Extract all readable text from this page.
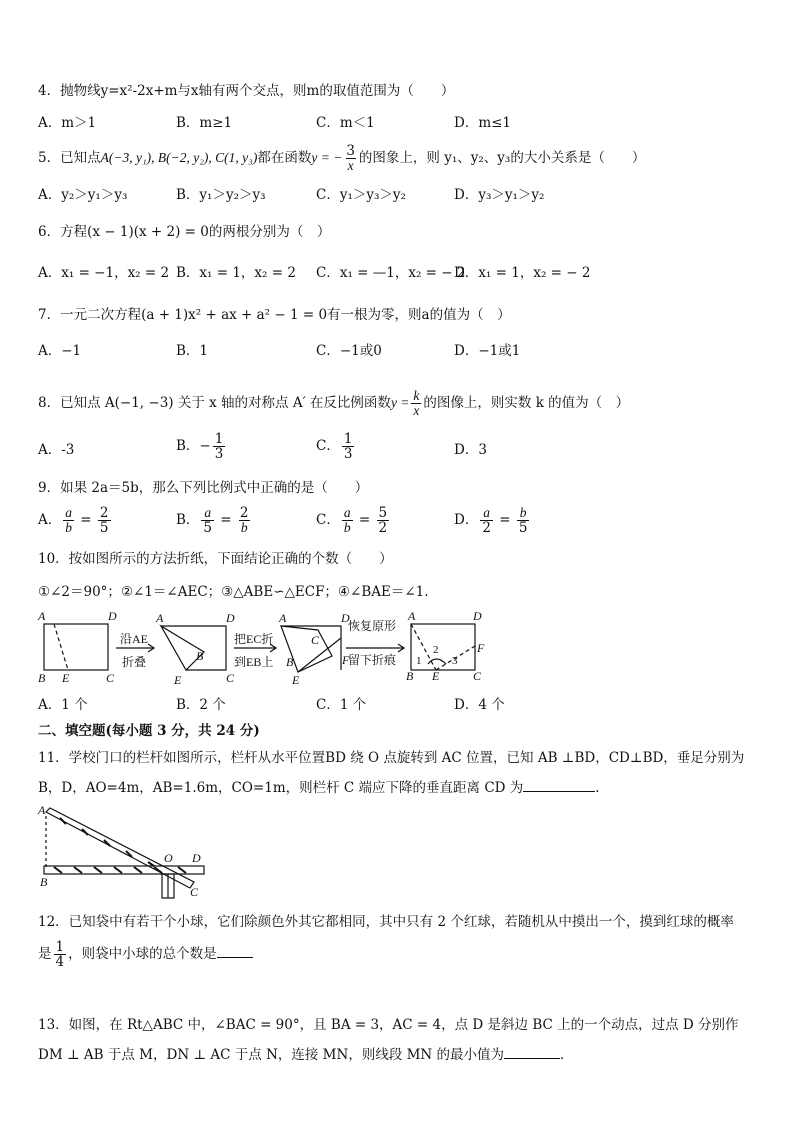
4．抛物线y=x²-2x+m与x轴有两个交点，则m的取值范围为（　　）
A．m＞1	B．m≥1	C．m＜1	D．m≤1
5．已知点A(−3, y₁), B(−2, y₂), C(1, y₃)都在函数y = − $\frac{3}{x}$ 的图象上，则 y₁、y₂、y₃的大小关系是（　　）
A．y₂＞y₁＞y₃	B．y₁＞y₂＞y₃	C．y₁＞y₃＞y₂	D．y₃＞y₁＞y₂
6．方程(x − 1)(x + 2) = 0的两根分别为（　）
A．x₁ = −1，x₂ = 2 B．x₁ = 1，x₂ = 2 C．x₁ = —1，x₂ = − 2
D．x₁ = 1，x₂ = − 2
7．一元二次方程(a + 1)x² + ax + a² − 1 = 0有一根为零，则a的值为（　）
A．−1	B．1	C．−1或0	D．−1或1
8．已知点 A(−1, −3) 关于 x 轴的对称点 A′ 在反比例函数$y = \frac{k}{x}$ 的图像上，则实数 k 的值为（　）
A．-3	B．− $\frac{1}{3}$	C． $\frac{1}{3}$	D．3
9．如果 2a＝5b，那么下列比例式中正确的是（　　）
A． $\frac{a}{b} = \frac{2}{5}$	B． $\frac{a}{5} = \frac{2}{b}$	C． $\frac{a}{b} = \frac{5}{2}$	D． $\frac{a}{2} = \frac{b}{5}$
10．按如图所示的方法折纸，下面结论正确的个数（　　）
①∠2＝90°；②∠1＝∠AEC；③△ABE∽△ECF；④∠BAE＝∠1.
A	D
B E	C
A	D
B
E	C
A	D
C
B	F
E
A	D
F
B E	C
1
2
3
沿AE
折叠
把EC折
到EB上
恢复原形
留下折痕
A．1 个	B．2 个	C．1 个	D．4 个
二、填空题(每小题 3 分，共 24 分)
11．学校门口的栏杆如图所示，栏杆从水平位置BD 绕 O 点旋转到 AC 位置，已知 AB ⊥BD，CD⊥BD，垂足分别为
B，D，AO=4m，AB=1.6m，CO=1m，则栏杆 C 端应下降的垂直距离 CD 为	.
A
B
O D
C
12．已知袋中有若干个小球，它们除颜色外其它都相同，其中只有 2 个红球，若随机从中摸出一个，摸到红球的概率
是 $\frac{1}{4}$ ，则袋中小球的总个数是
13．如图，在 Rt△ABC 中，∠BAC = 90°，且 BA = 3，AC = 4，点 D 是斜边 BC 上的一个动点，过点 D 分别作
DM ⊥ AB 于点 M，DN ⊥ AC 于点 N，连接 MN，则线段 MN 的最小值为	．
